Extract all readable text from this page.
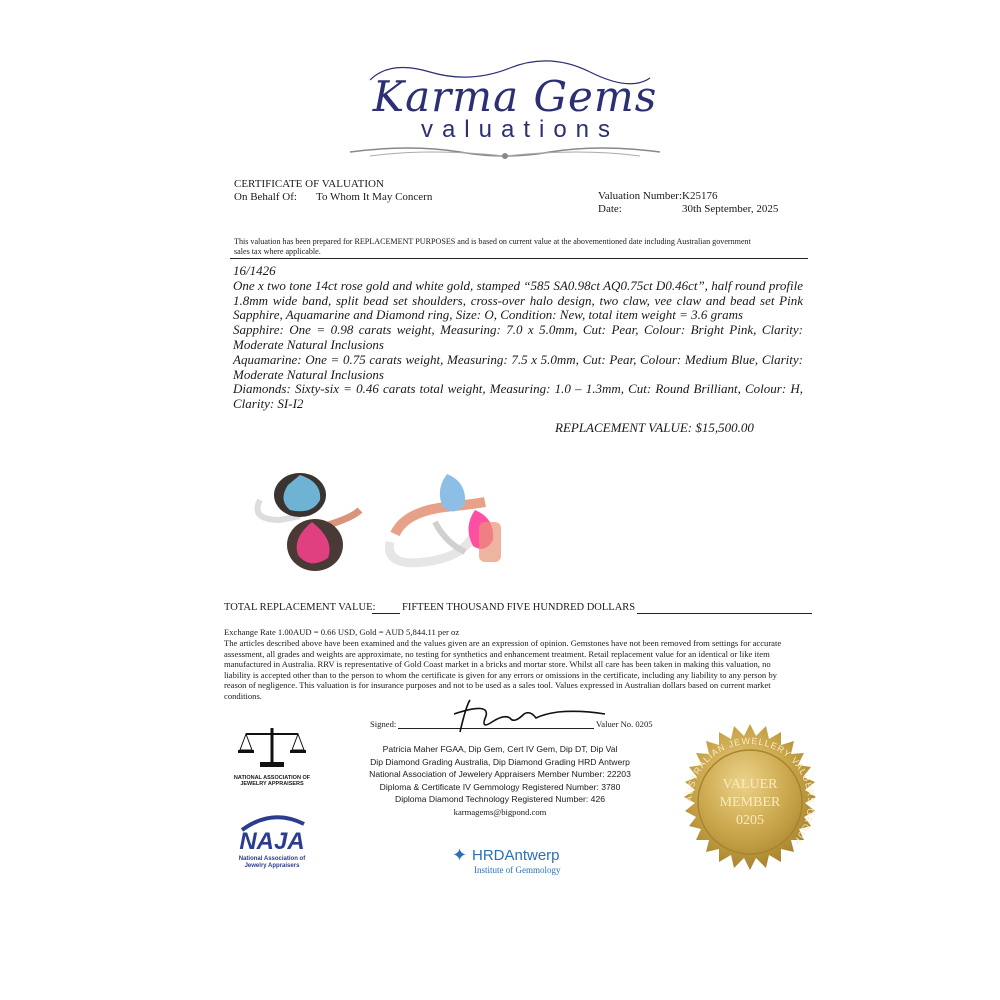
Karma Gems
valuations
CERTIFICATE OF VALUATION
On Behalf Of: To Whom It May Concern	Valuation Number: K25176
Date:	30th September, 2025
This valuation has been prepared for REPLACEMENT PURPOSES and is based on current value at the abovementioned date including Australian government
sales tax where applicable.
16/1426
One x two tone 14ct rose gold and white gold, stamped “585 SA0.98ct AQ0.75ct D0.46ct”, half round profile 1.8mm wide band, split bead set shoulders, cross-over halo design, two claw, vee claw and bead set Pink Sapphire, Aquamarine and Diamond ring, Size: O, Condition: New, total item weight = 3.6 grams
Sapphire: One = 0.98 carats weight, Measuring: 7.0 x 5.0mm, Cut: Pear, Colour: Bright Pink, Clarity: Moderate Natural Inclusions
Aquamarine: One = 0.75 carats weight, Measuring: 7.5 x 5.0mm, Cut: Pear, Colour: Medium Blue, Clarity: Moderate Natural Inclusions
Diamonds: Sixty-six = 0.46 carats total weight, Measuring: 1.0 – 1.3mm, Cut: Round Brilliant, Colour: H, Clarity: SI-I2
REPLACEMENT VALUE: $15,500.00
TOTAL REPLACEMENT VALUE:	FIFTEEN THOUSAND FIVE HUNDRED DOLLARS
Exchange Rate 1.00AUD = 0.66 USD, Gold = AUD 5,844.11 per oz
The articles described above have been examined and the values given are an expression of opinion. Gemstones have not been removed from settings for accurate
assessment, all grades and weights are approximate, no testing for synthetics and enhancement treatment. Retail replacement value for an identical or like item
manufactured in Australia. RRV is representative of Gold Coast market in a bricks and mortar store. Whilst all care has been taken in making this valuation, no
liability is accepted other than to the person to whom the certificate is given for any errors or omissions in the certificate, including any liability to any person by
reason of negligence. This valuation is for insurance purposes and not to be used as a sales tool. Values expressed in Australian dollars based on current market
conditions.
Signed:	Valuer No. 0205
Patricia Maher FGAA, Dip Gem, Cert IV Gem, Dip DT, Dip Val
Dip Diamond Grading Australia, Dip Diamond Grading HRD Antwerp
National Association of Jewelery Appraisers Member Number: 22203
Diploma & Certificate IV Gemmology Registered Number: 3780
Diploma Diamond Technology Registered Number: 426
karmagems@bigpond.com
NATIONAL ASSOCIATION OF
JEWELRY APPRAISERS
NAJA
National Association of
Jewelry Appraisers
✦ HRDAntwerp
Institute of Gemmology
AUSTRALIAN JEWELLERY VALUERS GROUP
VALUER
MEMBER
0205
